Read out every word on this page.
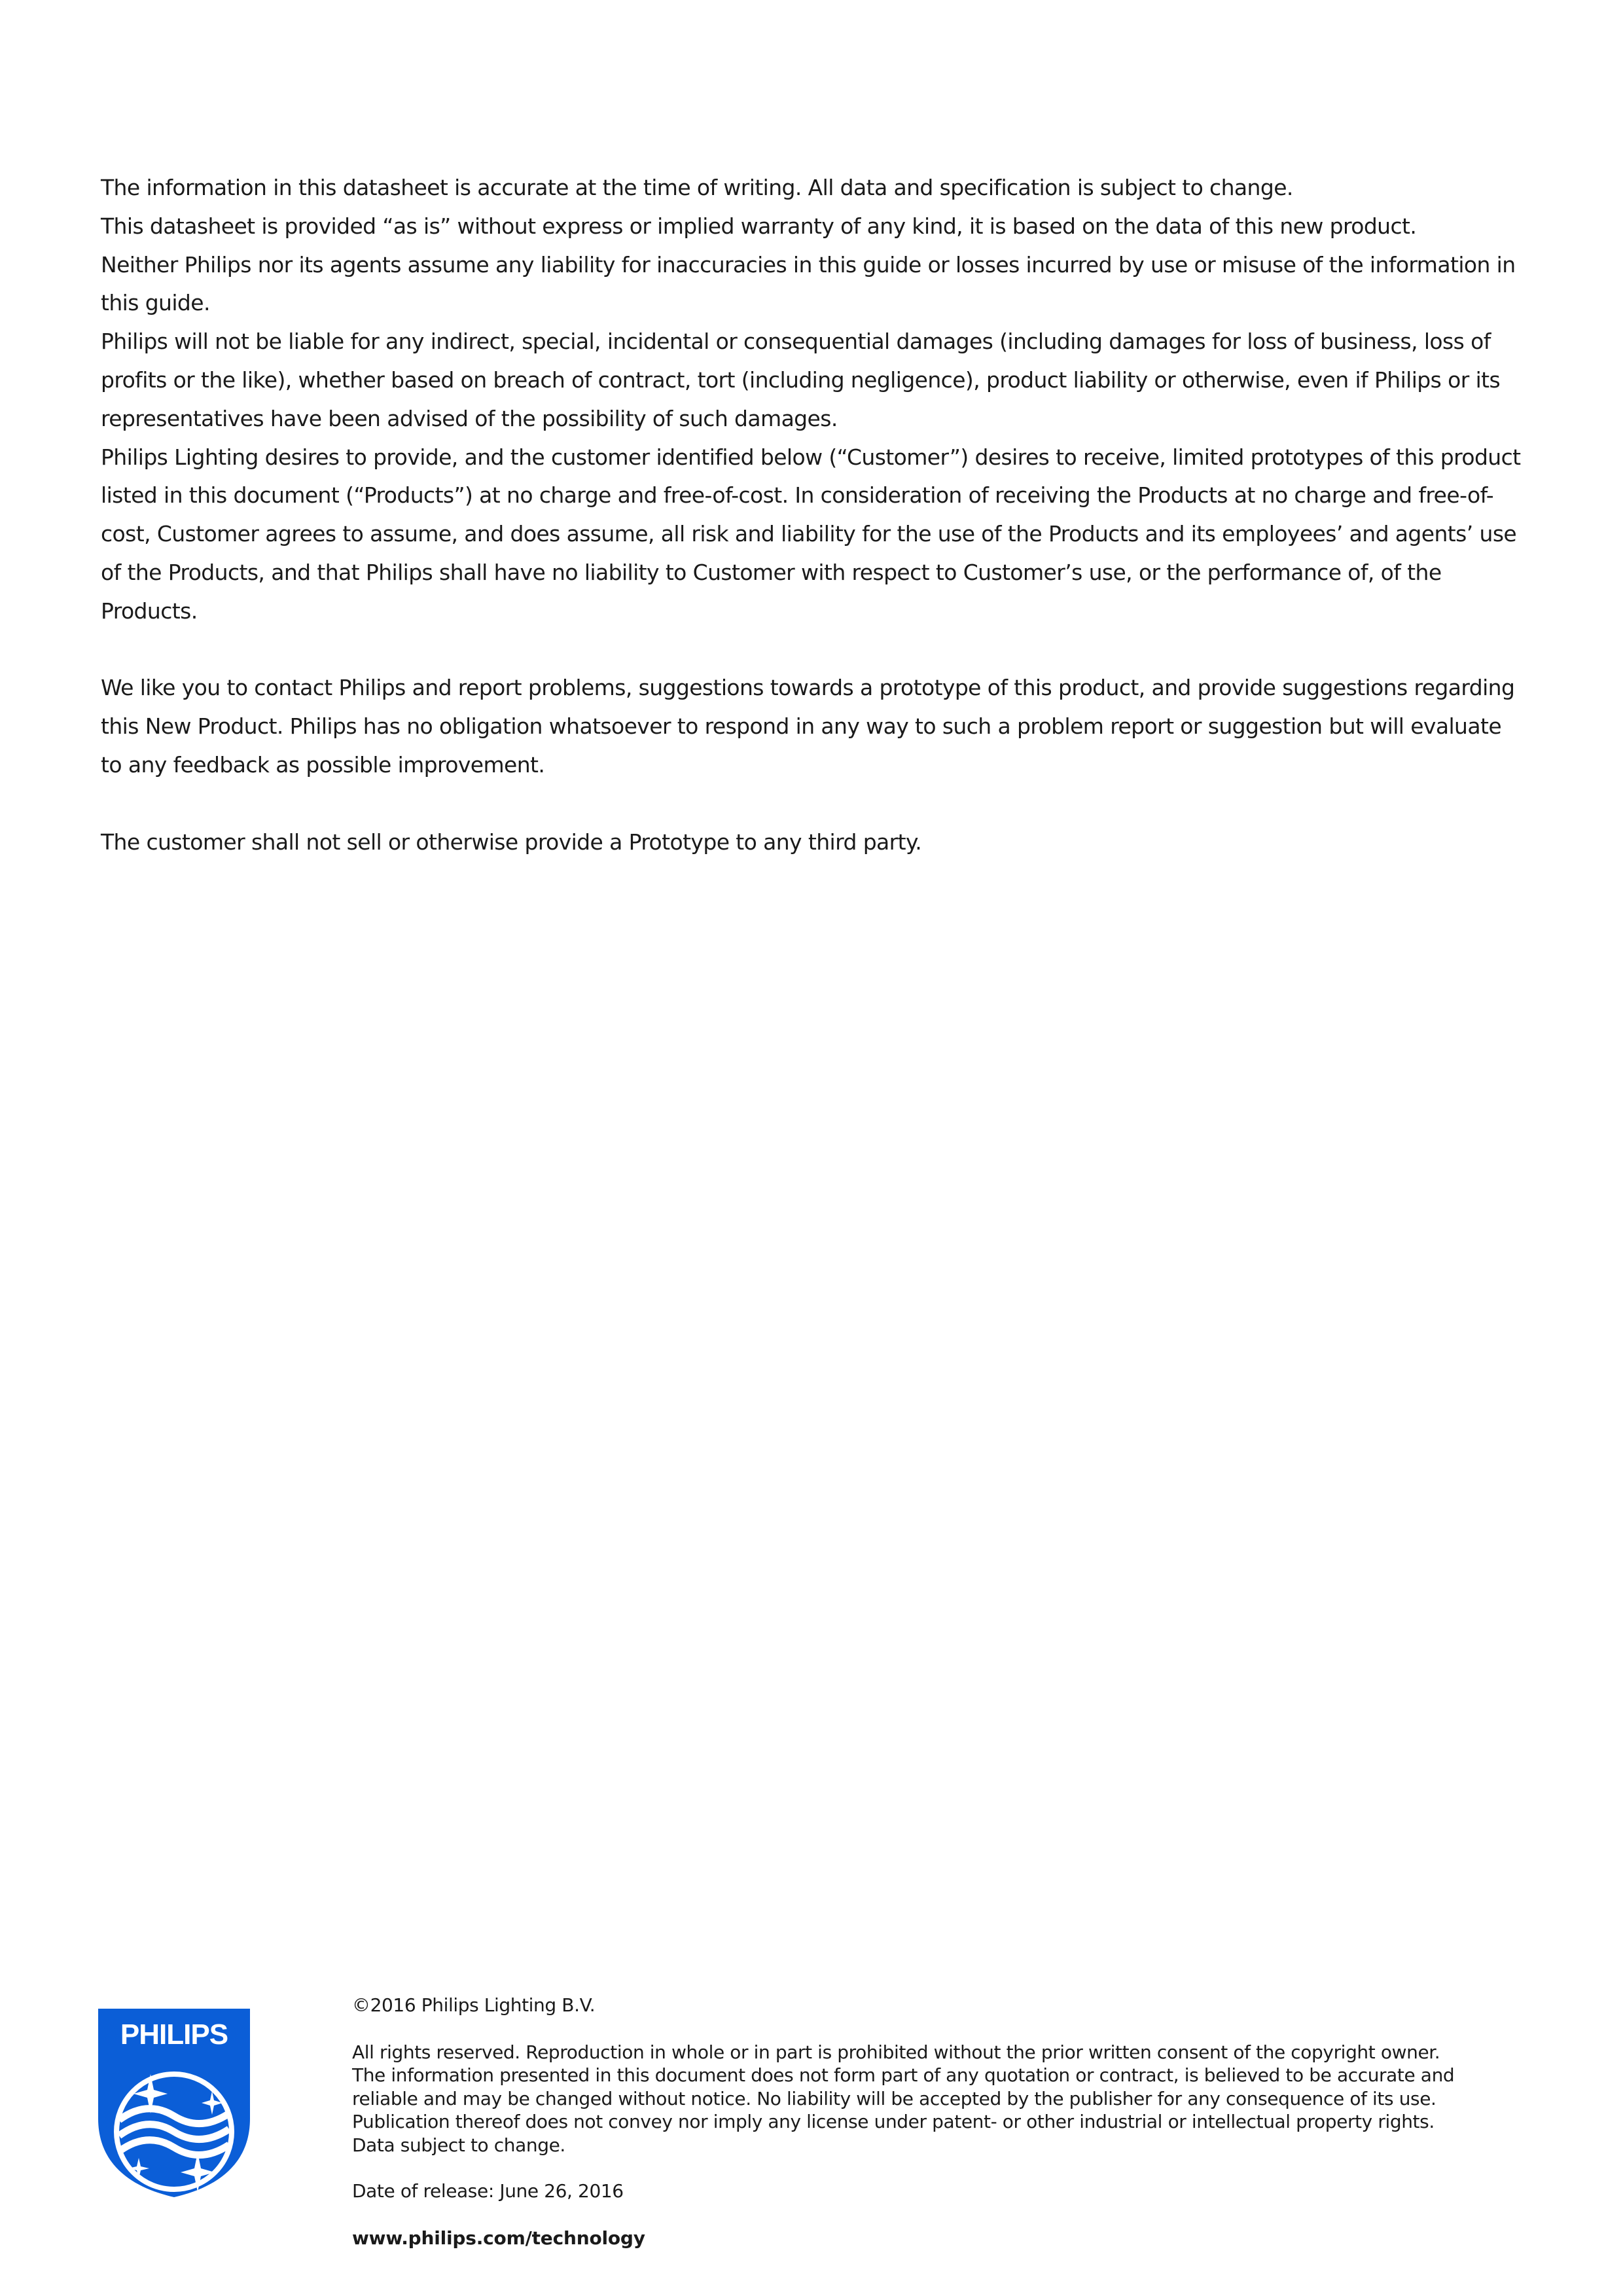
The information in this datasheet is accurate at the time of writing. All data and specification is subject to change.

This datasheet is provided “as is” without express or implied warranty of any kind, it is based on the data of this new product.

Neither Philips nor its agents assume any liability for inaccuracies in this guide or losses incurred by use or misuse of the information in this guide.

Philips will not be liable for any indirect, special, incidental or consequential damages (including damages for loss of business, loss of profits or the like), whether based on breach of contract, tort (including negligence), product liability or otherwise, even if Philips or its representatives have been advised of the possibility of such damages.

Philips Lighting desires to provide, and the customer identified below (“Customer”) desires to receive, limited prototypes of this product listed in this document (“Products”) at no charge and free-of-cost. In consideration of receiving the Products at no charge and free-of-cost, Customer agrees to assume, and does assume, all risk and liability for the use of the Products and its employees’ and agents’ use of the Products, and that Philips shall have no liability to Customer with respect to Customer’s use, or the performance of, of the Products.

We like you to contact Philips and report problems, suggestions towards a prototype of this product, and provide suggestions regarding this New Product. Philips has no obligation whatsoever to respond in any way to such a problem report or suggestion but will evaluate to any feedback as possible improvement.

The customer shall not sell or otherwise provide a Prototype to any third party.

PHILIPS

©2016 Philips Lighting B.V.

All rights reserved. Reproduction in whole or in part is prohibited without the prior written consent of the copyright owner.

The information presented in this document does not form part of any quotation or contract, is believed to be accurate and

reliable and may be changed without notice. No liability will be accepted by the publisher for any consequence of its use.

Publication thereof does not convey nor imply any license under patent- or other industrial or intellectual property rights.

Data subject to change.

Date of release: June 26, 2016

www.philips.com/technology
